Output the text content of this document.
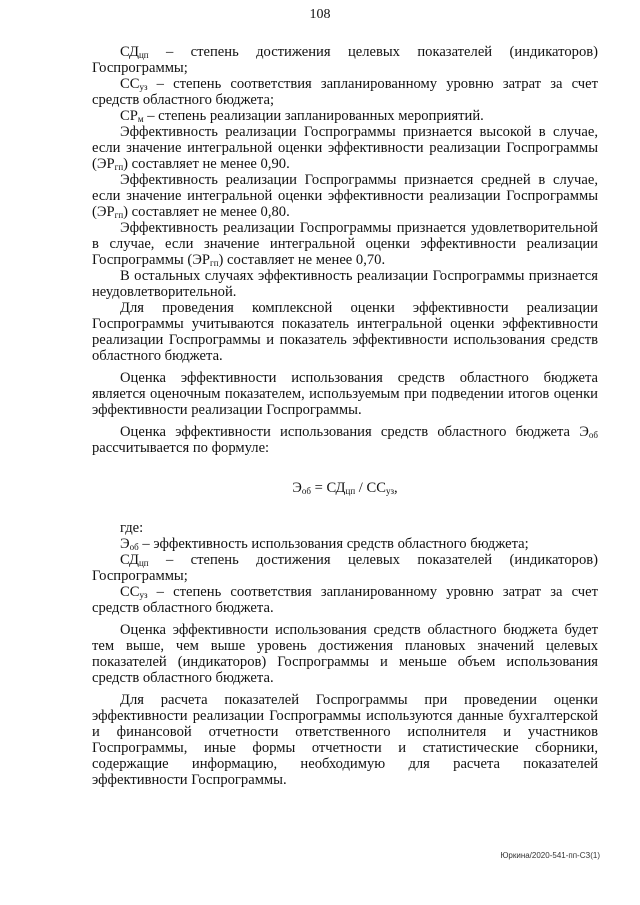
108

$СД_{цп}$ – степень достижения целевых показателей (индикаторов) Госпрограммы;

$СС_{уз}$ – степень соответствия запланированному уровню затрат за счет средств областного бюджета;

$СР_м$ – степень реализации запланированных мероприятий.

Эффективность реализации Госпрограммы признается высокой в случае, если значение интегральной оценки эффективности реализации Госпрограммы $(ЭР_{гп})$ составляет не менее 0,90.

Эффективность реализации Госпрограммы признается средней в случае, если значение интегральной оценки эффективности реализации Госпрограммы $(ЭР_{гп})$ составляет не менее 0,80.

Эффективность реализации Госпрограммы признается удовлетворительной в случае, если значение интегральной оценки эффективности реализации Госпрограммы $(ЭР_{гп})$ составляет не менее 0,70.

В остальных случаях эффективность реализации Госпрограммы признается неудовлетворительной.

Для проведения комплексной оценки эффективности реализации Госпрограммы учитываются показатель интегральной оценки эффективности реализации Госпрограммы и показатель эффективности использования средств областного бюджета.

Оценка эффективности использования средств областного бюджета является оценочным показателем, используемым при подведении итогов оценки эффективности реализации Госпрограммы.

Оценка эффективности использования средств областного бюджета $Э_{об}$ рассчитывается по формуле:

$Э_{об} = СД_{цп} / СС_{уз}$,

где:

$Э_{об}$ – эффективность использования средств областного бюджета;

$СД_{цп}$ – степень достижения целевых показателей (индикаторов) Госпрограммы;

$СС_{уз}$ – степень соответствия запланированному уровню затрат за счет средств областного бюджета.

Оценка эффективности использования средств областного бюджета будет тем выше, чем выше уровень достижения плановых значений целевых показателей (индикаторов) Госпрограммы и меньше объем использования средств областного бюджета.

Для расчета показателей Госпрограммы при проведении оценки эффективности реализации Госпрограммы используются данные бухгалтерской и финансовой отчетности ответственного исполнителя и участников Госпрограммы, иные формы отчетности и статистические сборники, содержащие информацию, необходимую для расчета показателей эффективности Госпрограммы.

Юркина/2020-541-пп-СЗ(1)
